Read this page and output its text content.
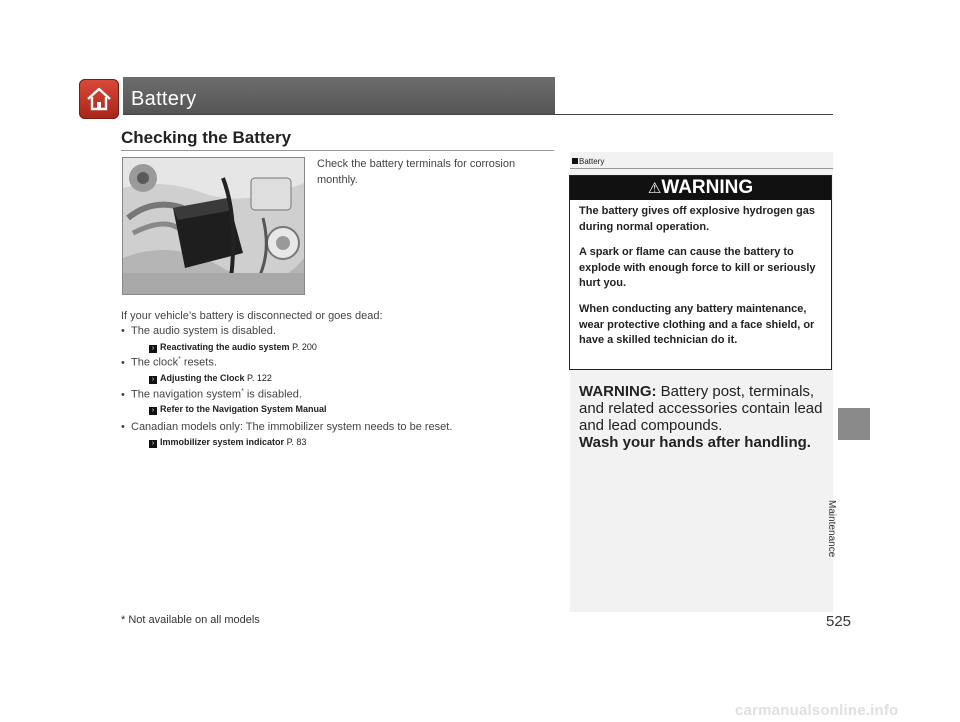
Battery
Checking the Battery
Check the battery terminals for corrosion monthly.
If your vehicle’s battery is disconnected or goes dead:
• The audio system is disabled.
› Reactivating the audio system P. 200
• The clock* resets.
› Adjusting the Clock P. 122
• The navigation system* is disabled.
› Refer to the Navigation System Manual
• Canadian models only: The immobilizer system needs to be reset.
› Immobilizer system indicator P. 83
Battery
⚠WARNING
The battery gives off explosive hydrogen gas during normal operation.
A spark or flame can cause the battery to explode with enough force to kill or seriously hurt you.
When conducting any battery maintenance, wear protective clothing and a face shield, or have a skilled technician do it.
WARNING: Battery post, terminals,
and related accessories contain lead
and lead compounds.
Wash your hands after handling.
Maintenance
* Not available on all models	525
carmanualsonline.info
